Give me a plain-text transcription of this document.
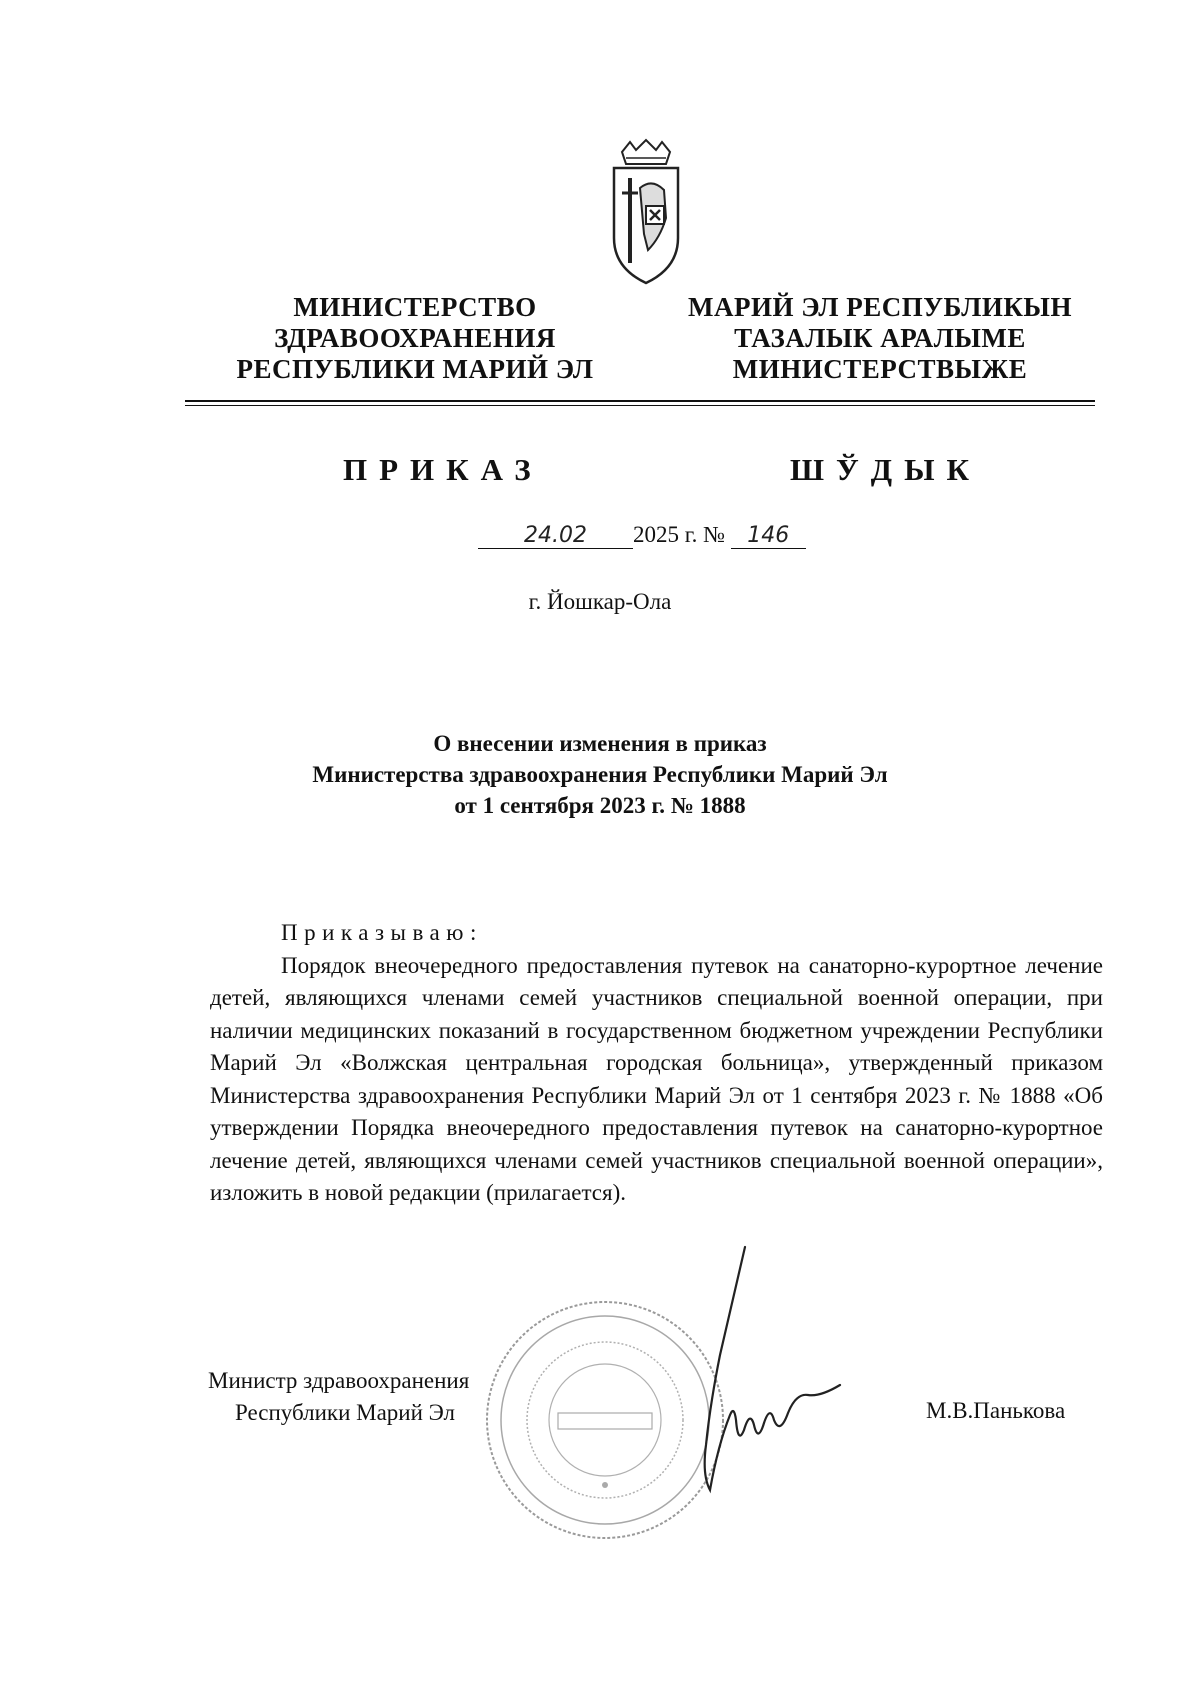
МИНИСТЕРСТВО
ЗДРАВООХРАНЕНИЯ
РЕСПУБЛИКИ МАРИЙ ЭЛ
МАРИЙ ЭЛ РЕСПУБЛИКЫН
ТАЗАЛЫК АРАЛЫМЕ
МИНИСТЕРСТВЫЖЕ
ПРИКАЗ	ШЎДЫК
24.02 2025 г. № 146
г. Йошкар-Ола
О внесении изменения в приказ
Министерства здравоохранения Республики Марий Эл
от 1 сентября 2023 г. № 1888
Приказываю:

Порядок внеочередного предоставления путевок на санаторно-курортное лечение детей, являющихся членами семей участников специальной военной операции, при наличии медицинских показаний в государственном бюджетном учреждении Республики Марий Эл «Волжская центральная городская больница», утвержденный приказом Министерства здравоохранения Республики Марий Эл от 1 сентября 2023 г. № 1888 «Об утверждении Порядка внеочередного предоставления путевок на санаторно-курортное лечение детей, являющихся членами семей участников специальной военной операции», изложить в новой редакции (прилагается).

Министр здравоохранения
Республики Марий Эл	М.В.Панькова
